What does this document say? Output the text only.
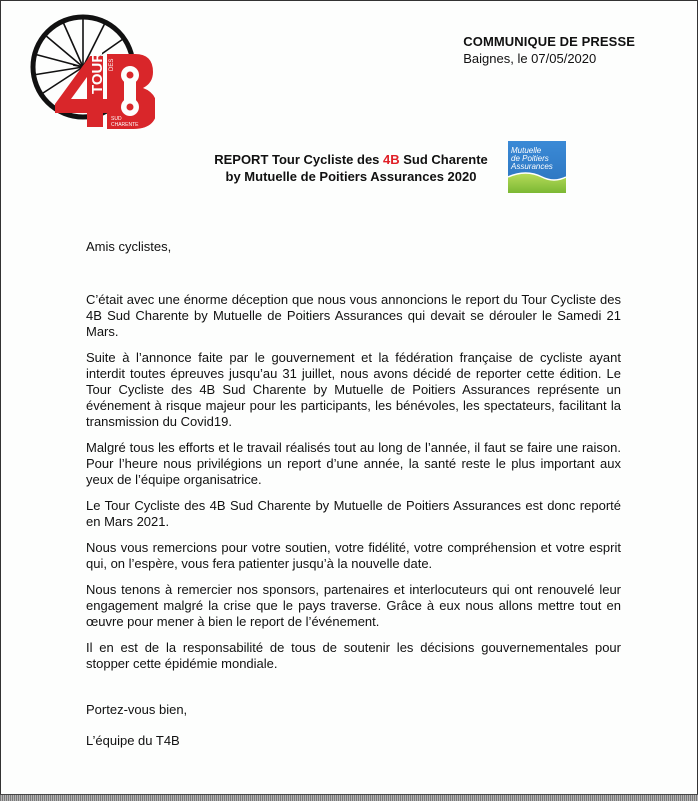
TOUR DES
SUD
CHARENTE
COMMUNIQUE DE PRESSE
Baignes, le 07/05/2020
REPORT Tour Cycliste des 4B Sud Charente
by Mutuelle de Poitiers Assurances 2020
Mutuelle
de Poitiers
Assurances

Amis cyclistes,

C’était avec une énorme déception que nous vous annoncions le report du Tour Cycliste des 4B Sud Charente by Mutuelle de Poitiers Assurances qui devait se dérouler le Samedi 21 Mars.

Suite à l’annonce faite par le gouvernement et la fédération française de cycliste ayant interdit toutes épreuves jusqu’au 31 juillet, nous avons décidé de reporter cette édition. Le Tour Cycliste des 4B Sud Charente by Mutuelle de Poitiers Assurances représente un événement à risque majeur pour les participants, les bénévoles, les spectateurs, facilitant la transmission du Covid19.

Malgré tous les efforts et le travail réalisés tout au long de l’année, il faut se faire une raison. Pour l’heure nous privilégions un report d’une année, la santé reste le plus important aux yeux de l’équipe organisatrice.

Le Tour Cycliste des 4B Sud Charente by Mutuelle de Poitiers Assurances est donc reporté en Mars 2021.

Nous vous remercions pour votre soutien, votre fidélité, votre compréhension et votre esprit qui, on l’espère, vous fera patienter jusqu’à la nouvelle date.

Nous tenons à remercier nos sponsors, partenaires et interlocuteurs qui ont renouvelé leur engagement malgré la crise que le pays traverse. Grâce à eux nous allons mettre tout en œuvre pour mener à bien le report de l’événement.

Il en est de la responsabilité de tous de soutenir les décisions gouvernementales pour stopper cette épidémie mondiale.

Portez-vous bien,
L’équipe du T4B
